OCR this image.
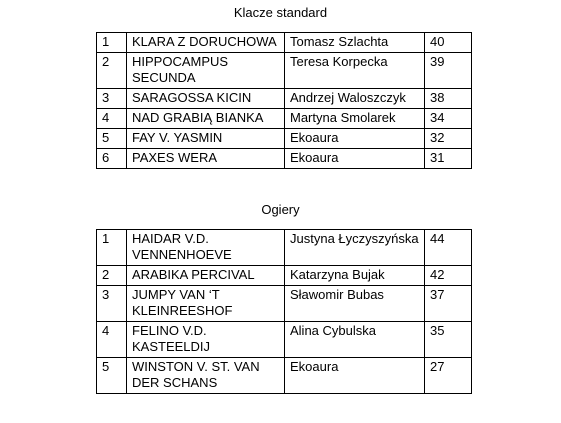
Klacze standard
1	KLARA Z DORUCHOWA	Tomasz Szlachta	40
2	HIPPOCAMPUS SECUNDA	Teresa Korpecka	39
3	SARAGOSSA KICIN	Andrzej Waloszczyk	38
4	NAD GRABIĄ BIANKA	Martyna Smolarek	34
5	FAY V. YASMIN	Ekoaura	32
6	PAXES WERA	Ekoaura	31
Ogiery
1	HAIDAR V.D. VENNENHOEVE	Justyna Łyczyszyńska	44
2	ARABIKA PERCIVAL	Katarzyna Bujak	42
3	JUMPY VAN ‘T KLEINREESHOF	Sławomir Bubas	37
4	FELINO V.D. KASTEELDIJ	Alina Cybulska	35
5	WINSTON V. ST. VAN DER SCHANS	Ekoaura	27
